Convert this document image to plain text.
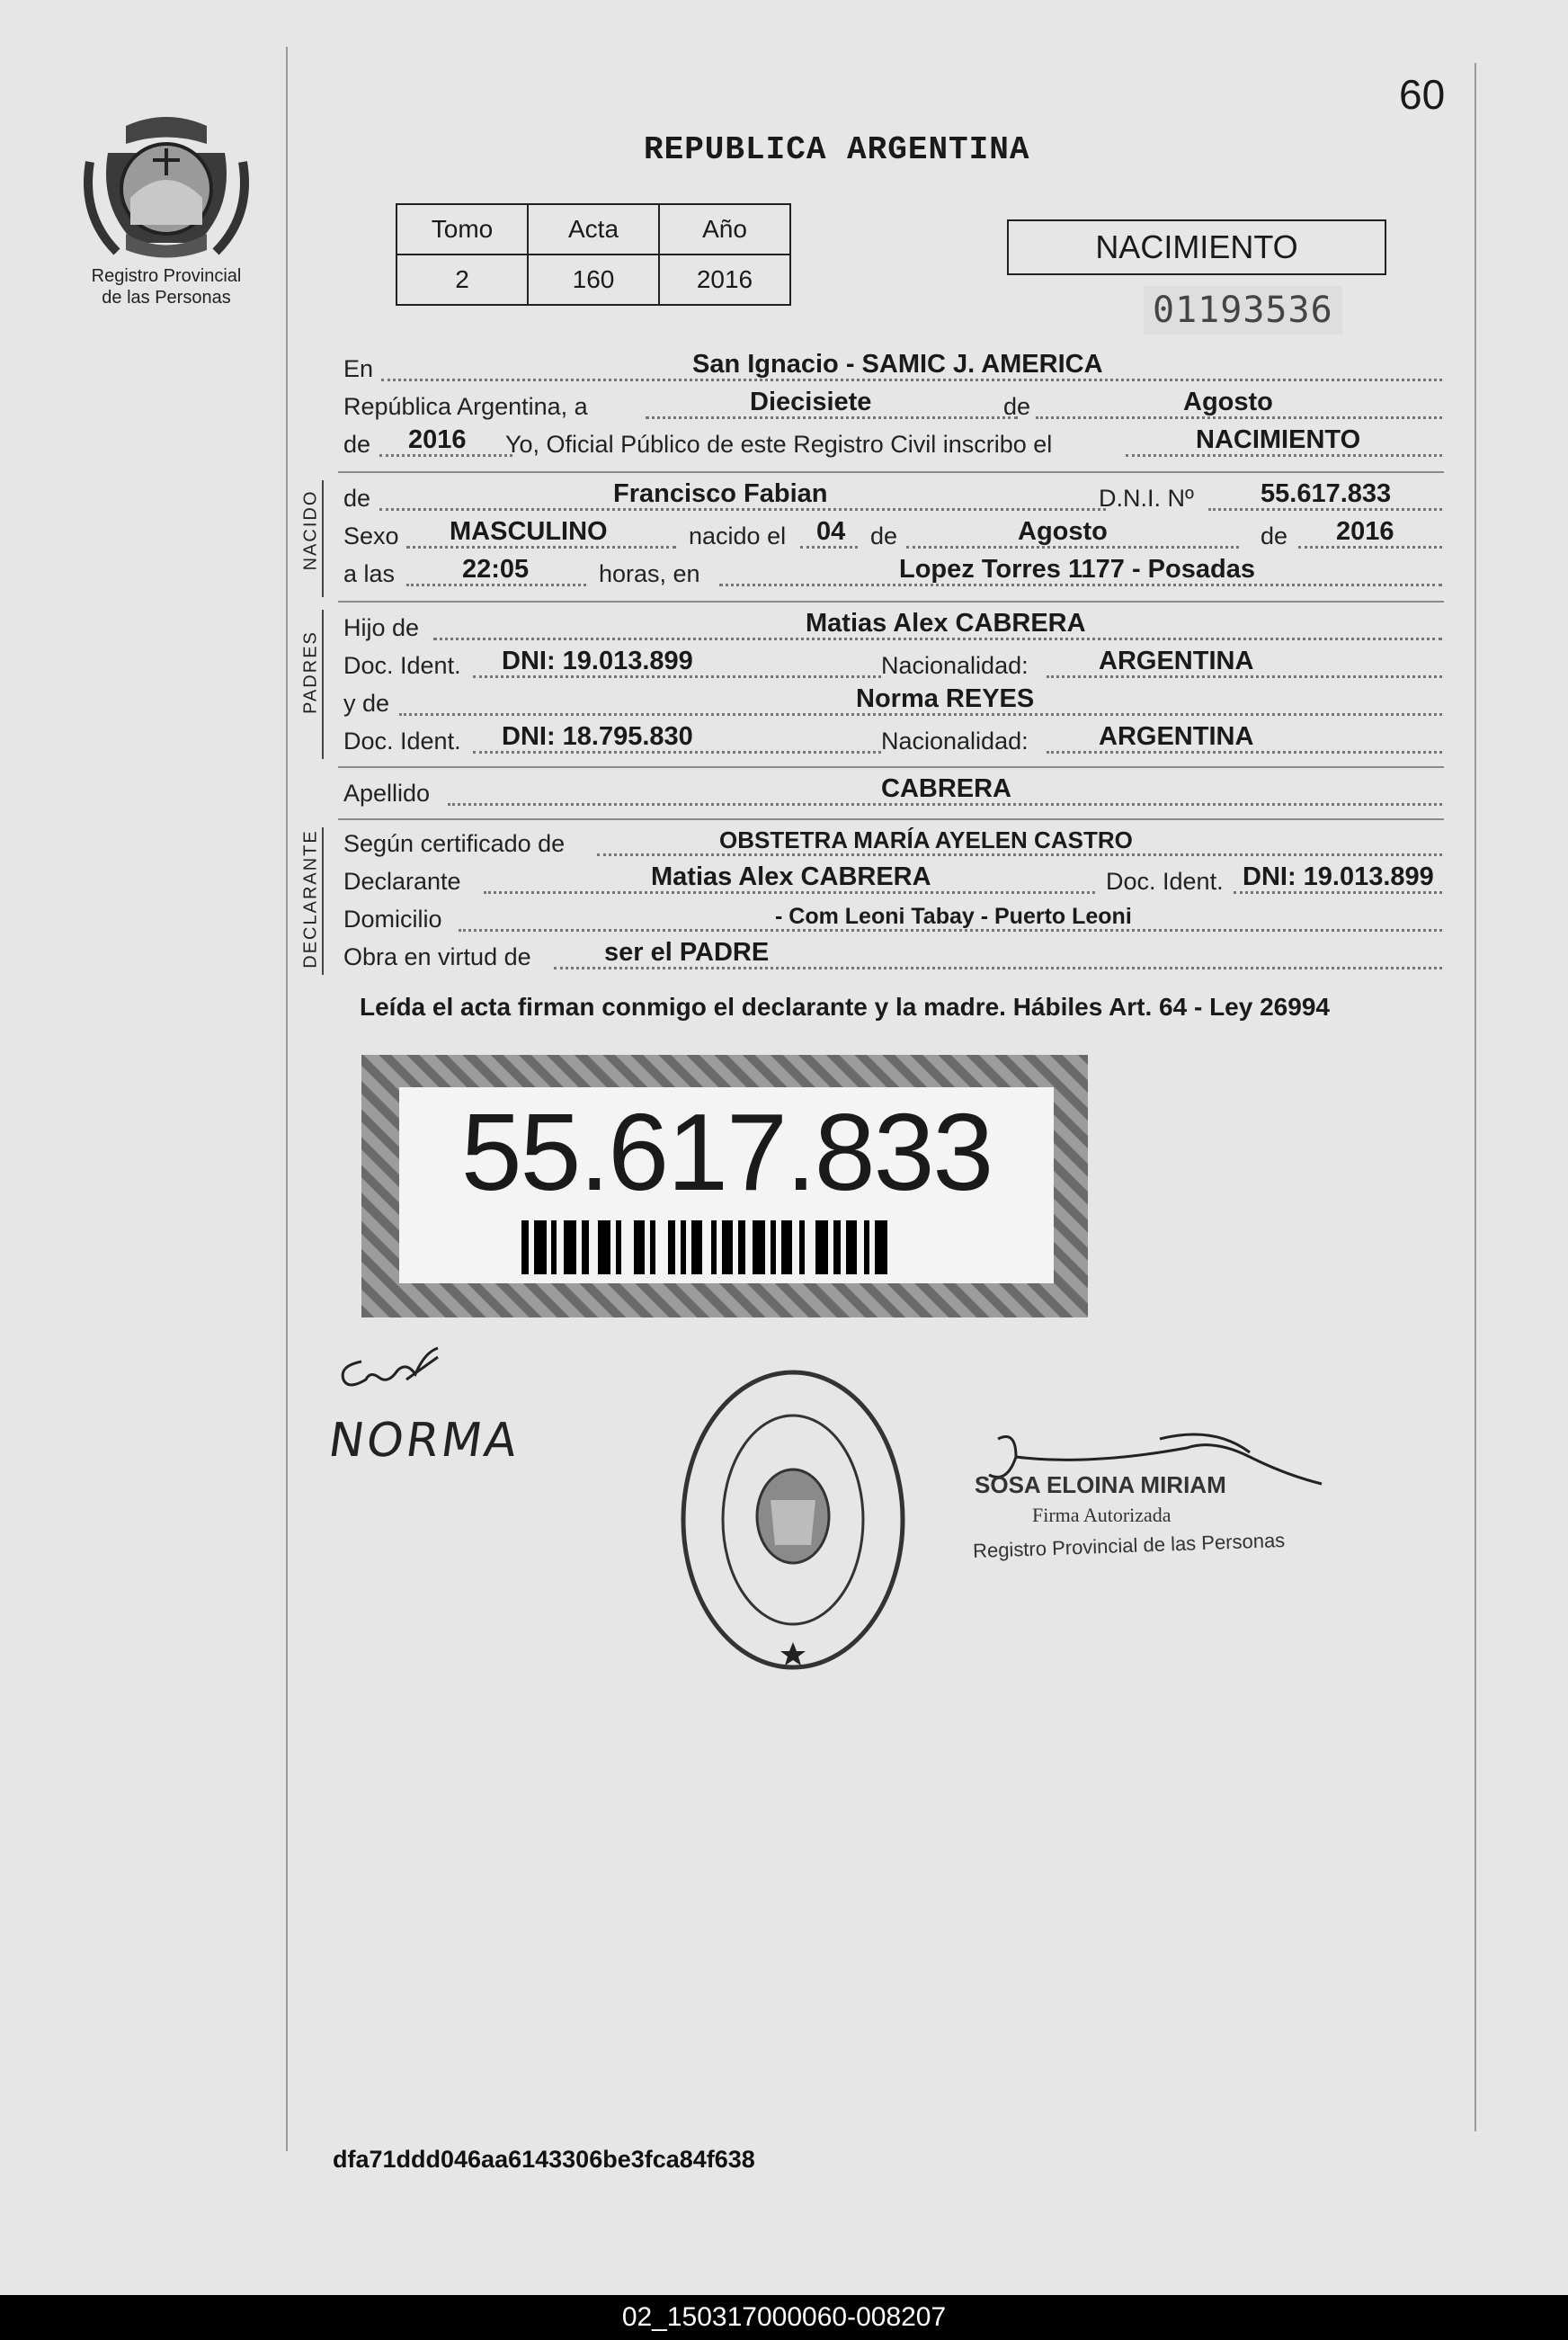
60
Registro Provincial
de las Personas
REPUBLICA ARGENTINA
Tomo	Acta	Año
2	160	2016
NACIMIENTO
01193536
En	San Ignacio - SAMIC J. AMERICA
República Argentina, a	Diecisiete	de	Agosto
de 2016 Yo, Oficial Público de este Registro Civil inscribo el	NACIMIENTO
NACIDO de	Francisco Fabian	D.N.I. Nº	55.617.833
Sexo MASCULINO	nacido el 04 de	Agosto	de 2016
a las	22:05	horas, en	Lopez Torres 1177 - Posadas
PADRES
Hijo de	Matias Alex CABRERA
Doc. Ident. DNI: 19.013.899	Nacionalidad:	ARGENTINA
y de	Norma REYES
Doc. Ident. DNI: 18.795.830	Nacionalidad:	ARGENTINA
Apellido	CABRERA
DECLARANTE Según certificado de	OBSTETRA MARÍA AYELEN CASTRO
Declarante	Matias Alex CABRERA	Doc. Ident. DNI: 19.013.899
Domicilio	- Com Leoni Tabay - Puerto Leoni
Obra en virtud de	ser el PADRE
Leída el acta firman conmigo el declarante y la madre. Hábiles Art. 64 - Ley 26994
55.617.833
NORMA
SOSA ELOINA MIRIAM
Firma Autorizada
Registro Provincial de las Personas
dfa71ddd046aa6143306be3fca84f638
02_150317000060-008207
